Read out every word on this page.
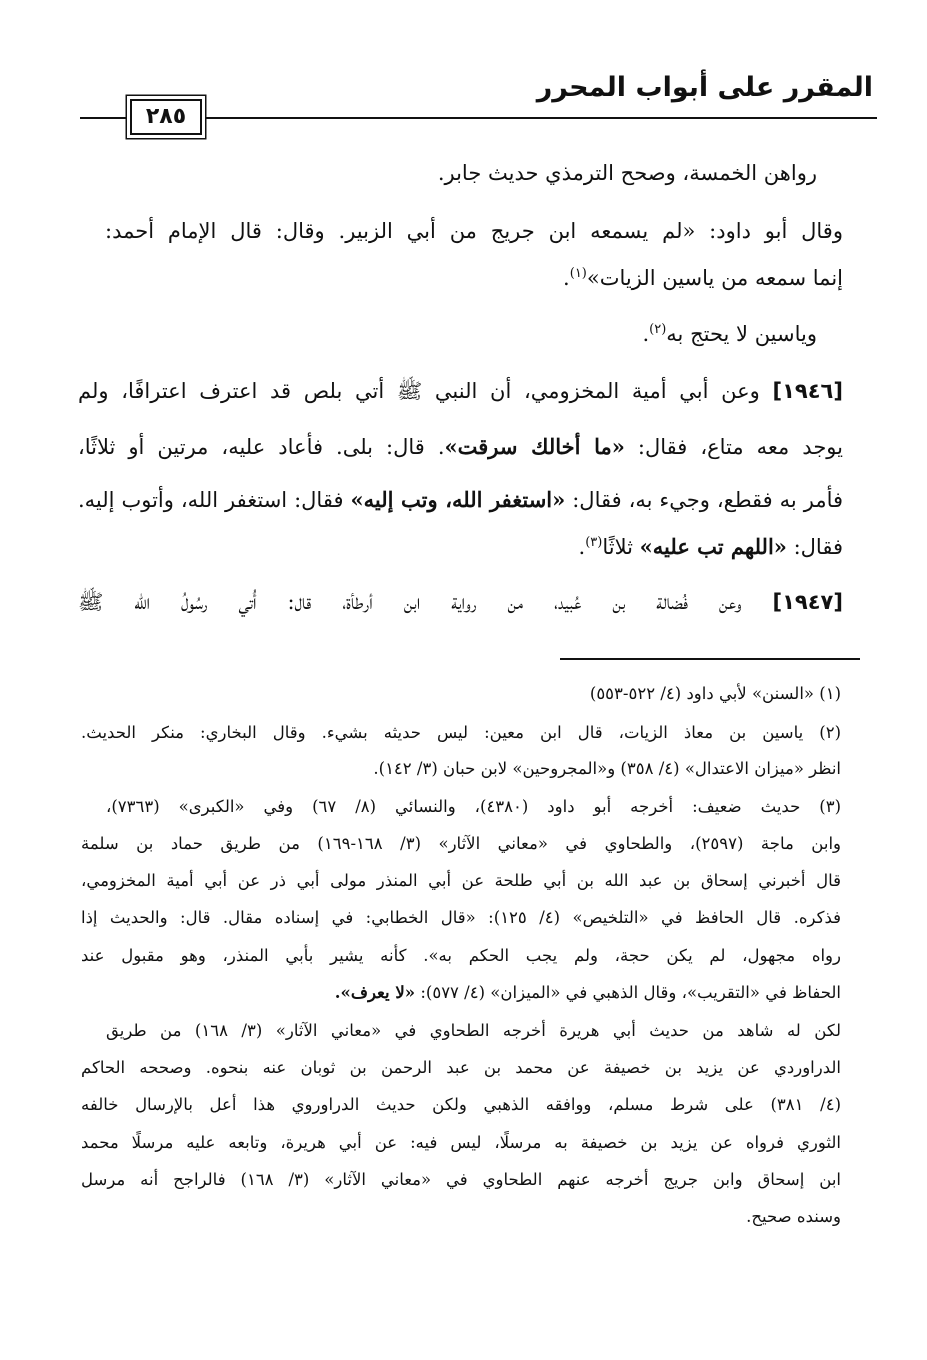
المقرر على أبواب المحرر
٢٨٥
رواهن الخمسة، وصحح الترمذي حديث جابر.
وقال أبو داود: «لم يسمعه ابن جريج من أبي الزبير. وقال: قال الإمام أحمد:
إنما سمعه من ياسين الزيات»$^{(١)}$.
وياسين لا يحتج به$^{(٢)}$.
[١٩٤٦] وعن أبي أمية المخزومي، أن النبي ﷺ أتي بلص قد اعترف اعترافًا، ولم
يوجد معه متاع، فقال: «ما أخالك سرقت». قال: بلى. فأعاد عليه، مرتين أو ثلاثًا،
فأمر به فقطع، وجيء به، فقال: «استغفر الله، وتب إليه» فقال: استغفر الله، وأتوب إليه.
فقال: «اللهم تب عليه» ثلاثًا$^{(٣)}$.
[١٩٤٧] وعن فُضالة بن عُبيد، من رواية ابن أرطأة، قال: أُتي رسُولُ الله ﷺ
(١) «السنن» لأبي داود (٤/ ٥٢٢-٥٥٣)
(٢) ياسين بن معاذ الزيات، قال ابن معين: ليس حديثه بشيء. وقال البخاري: منكر الحديث.
انظر «ميزان الاعتدال» (٤/ ٣٥٨) و«المجروحين» لابن حبان (٣/ ١٤٢).
(٣) حديث ضعيف: أخرجه أبو داود (٤٣٨٠)، والنسائي (٨/ ٦٧) وفي «الكبرى» (٧٣٦٣)،
وابن ماجة (٢٥٩٧)، والطحاوي في «معاني الآثار» (٣/ ١٦٨-١٦٩) من طريق حماد بن سلمة
قال أخبرني إسحاق بن عبد الله بن أبي طلحة عن أبي المنذر مولى أبي ذر عن أبي أمية المخزومي،
فذكره. قال الحافظ في «التلخيص» (٤/ ١٢٥): «قال الخطابي: في إسناده مقال. قال: والحديث إذا
رواه مجهول، لم يكن حجة، ولم يجب الحكم به». كأنه يشير بأبي المنذر، وهو مقبول عند
الحفاظ في «التقريب»، وقال الذهبي في «الميزان» (٤/ ٥٧٧): «لا يعرف».
لكن له شاهد من حديث أبي هريرة أخرجه الطحاوي في «معاني الآثار» (٣/ ١٦٨) من طريق
الدراوردي عن يزيد بن خصيفة عن محمد بن عبد الرحمن بن ثوبان عنه بنحوه. وصححه الحاكم
(٤/ ٣٨١) على شرط مسلم، ووافقه الذهبي ولكن حديث الدراوروي هذا أعل بالإرسال خالفه
الثوري فرواه عن يزيد بن خصيفة به مرسلًا، ليس فيه: عن أبي هريرة، وتابعه عليه مرسلًا محمد
ابن إسحاق وابن جريج أخرجه عنهم الطحاوي في «معاني الآثار» (٣/ ١٦٨) فالراجح أنه مرسل
وسنده صحيح.
